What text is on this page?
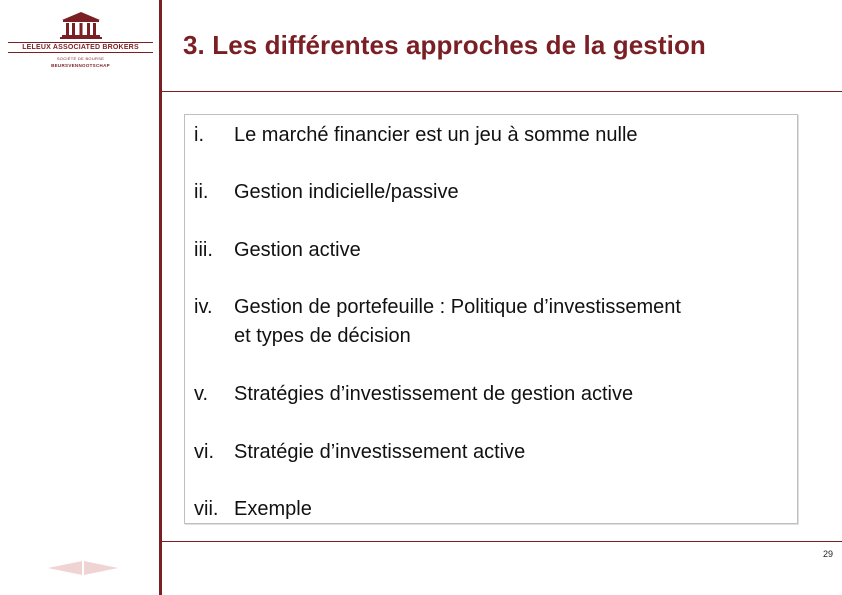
LELEUX ASSOCIATED BROKERS
SOCIÉTÉ DE BOURSE
BEURSVENNOOTSCHAP
3. Les différentes approches de la gestion
i.	Le marché financier est un jeu à somme nulle
ii.	Gestion indicielle/passive
iii.	Gestion active
iv.	Gestion de portefeuille : Politique d’investissement
et types de décision
v.	Stratégies d’investissement de gestion active
vi.	Stratégie d’investissement active
vii. Exemple
29
